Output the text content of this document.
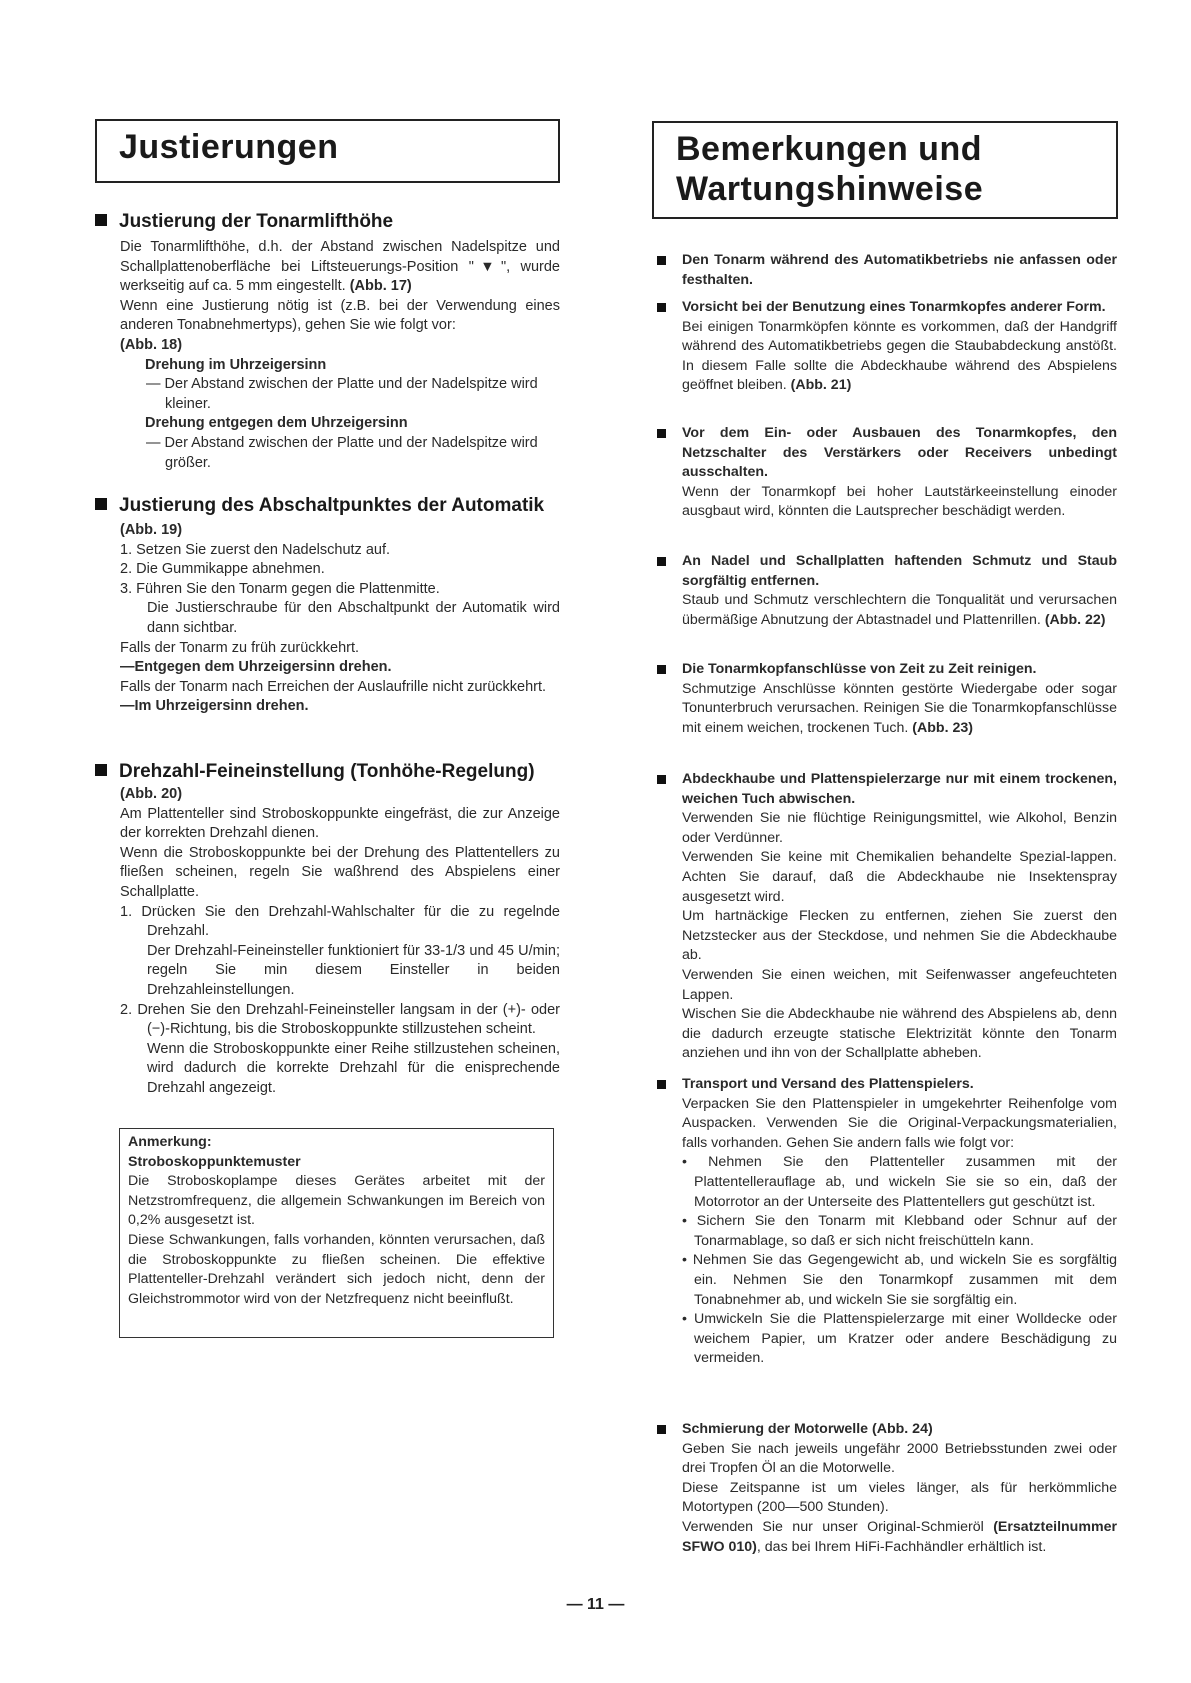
Justierungen	Bemerkungen und
Wartungshinweise
Justierung der Tonarmlifthöhe

Die Tonarmlifthöhe, d.h. der Abstand zwischen Nadelspitze und Schallplattenoberfläche bei Liftsteuerungs-Position "▼", wurde werkseitig auf ca. 5 mm eingestellt. (Abb. 17)

Wenn eine Justierung nötig ist (z.B. bei der Verwendung eines anderen Tonabnehmertyps), gehen Sie wie folgt vor:

(Abb. 18)

Drehung im Uhrzeigersinn

— Der Abstand zwischen der Platte und der Nadelspitze wird kleiner.

Drehung entgegen dem Uhrzeigersinn

— Der Abstand zwischen der Platte und der Nadelspitze wird größer.

Justierung des Abschaltpunktes der Automatik

(Abb. 19)

1. Setzen Sie zuerst den Nadelschutz auf.

2. Die Gummikappe abnehmen.

3. Führen Sie den Tonarm gegen die Plattenmitte.

Die Justierschraube für den Abschaltpunkt der Automatik wird dann sichtbar.

Falls der Tonarm zu früh zurückkehrt.

—Entgegen dem Uhrzeigersinn drehen.

Falls der Tonarm nach Erreichen der Auslaufrille nicht zurückkehrt.

—Im Uhrzeigersinn drehen.

Drehzahl-Feineinstellung (Tonhöhe-Regelung)

(Abb. 20)

Am Plattenteller sind Stroboskoppunkte eingefräst, die zur Anzeige der korrekten Drehzahl dienen.

Wenn die Stroboskoppunkte bei der Drehung des Plattentellers zu fließen scheinen, regeln Sie waßhrend des Abspielens einer Schallplatte.

1. Drücken Sie den Drehzahl-Wahlschalter für die zu regelnde Drehzahl.

Der Drehzahl-Feineinsteller funktioniert für 33-1/3 und 45 U/min; regeln Sie min diesem Einsteller in beiden Drehzahleinstellungen.

2. Drehen Sie den Drehzahl-Feineinsteller langsam in der (+)- oder (−)-Richtung, bis die Stroboskoppunkte stillzustehen scheint.

Wenn die Stroboskoppunkte einer Reihe stillzustehen scheinen, wird dadurch die korrekte Drehzahl für die enisprechende Drehzahl angezeigt.

Anmerkung:

Stroboskoppunktemuster

Die Stroboskoplampe dieses Gerätes arbeitet mit der Netzstromfrequenz, die allgemein Schwankungen im Bereich von 0,2% ausgesetzt ist.

Diese Schwankungen, falls vorhanden, könnten verursachen, daß die Stroboskoppunkte zu fließen scheinen. Die effektive Plattenteller-Drehzahl verändert sich jedoch nicht, denn der Gleichstrommotor wird von der Netzfrequenz nicht beeinflußt.

Den Tonarm während des Automatikbetriebs nie anfassen oder festhalten.
Vorsicht bei der Benutzung eines Tonarmkopfes anderer Form.
Bei einigen Tonarmköpfen könnte es vorkommen, daß der Handgriff während des Automatikbetriebs gegen die Staubabdeckung anstößt. In diesem Falle sollte die Abdeckhaube während des Abspielens geöffnet bleiben. (Abb. 21)
Vor dem Ein- oder Ausbauen des Tonarmkopfes, den Netzschalter des Verstärkers oder Receivers unbedingt ausschalten.
Wenn der Tonarmkopf bei hoher Lautstärkeeinstellung einoder ausgbaut wird, könnten die Lautsprecher beschädigt werden.
An Nadel und Schallplatten haftenden Schmutz und Staub sorgfältig entfernen.
Staub und Schmutz verschlechtern die Tonqualität und verursachen übermäßige Abnutzung der Abtastnadel und Plattenrillen. (Abb. 22)
Die Tonarmkopfanschlüsse von Zeit zu Zeit reinigen.
Schmutzige Anschlüsse könnten gestörte Wiedergabe oder sogar Tonunterbruch verursachen. Reinigen Sie die Tonarmkopfanschlüsse mit einem weichen, trockenen Tuch. (Abb. 23)
Abdeckhaube und Plattenspielerzarge nur mit einem trockenen, weichen Tuch abwischen.
Verwenden Sie nie flüchtige Reinigungsmittel, wie Alkohol, Benzin oder Verdünner.
Verwenden Sie keine mit Chemikalien behandelte Spezial-lappen. Achten Sie darauf, daß die Abdeckhaube nie Insektenspray ausgesetzt wird.
Um hartnäckige Flecken zu entfernen, ziehen Sie zuerst den Netzstecker aus der Steckdose, und nehmen Sie die Abdeckhaube ab.
Verwenden Sie einen weichen, mit Seifenwasser angefeuchteten Lappen.
Wischen Sie die Abdeckhaube nie während des Abspielens ab, denn die dadurch erzeugte statische Elektrizität könnte den Tonarm anziehen und ihn von der Schallplatte abheben.
Transport und Versand des Plattenspielers.
Verpacken Sie den Plattenspieler in umgekehrter Reihenfolge vom Auspacken. Verwenden Sie die Original-Verpackungsmaterialien, falls vorhanden. Gehen Sie andern falls wie folgt vor:
• Nehmen Sie den Plattenteller zusammen mit der Plattentellerauflage ab, und wickeln Sie sie so ein, daß der Motorrotor an der Unterseite des Plattentellers gut geschützt ist.
• Sichern Sie den Tonarm mit Klebband oder Schnur auf der Tonarmablage, so daß er sich nicht freischütteln kann.
• Nehmen Sie das Gegengewicht ab, und wickeln Sie es sorgfältig ein. Nehmen Sie den Tonarmkopf zusammen mit dem Tonabnehmer ab, und wickeln Sie sie sorgfältig ein.
• Umwickeln Sie die Plattenspielerzarge mit einer Wolldecke oder weichem Papier, um Kratzer oder andere Beschädigung zu vermeiden.
Schmierung der Motorwelle (Abb. 24)
Geben Sie nach jeweils ungefähr 2000 Betriebsstunden zwei oder drei Tropfen Öl an die Motorwelle.
Diese Zeitspanne ist um vieles länger, als für herkömmliche Motortypen (200—500 Stunden).
Verwenden Sie nur unser Original-Schmieröl (Ersatzteilnummer SFWO 010), das bei Ihrem HiFi-Fachhändler erhältlich ist.
— 11 —
